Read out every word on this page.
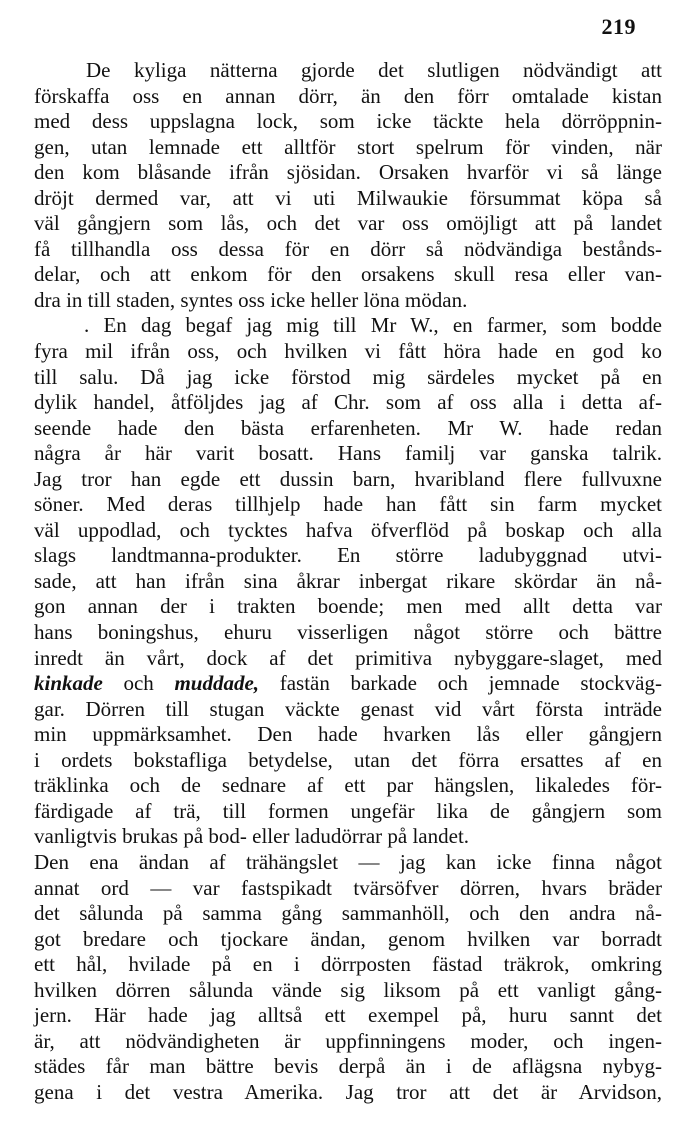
219
De kyliga nätterna gjorde det slutligen nödvändigt att
förskaffa oss en annan dörr, än den förr omtalade kistan
med dess uppslagna lock, som icke täckte hela dörröppnin-
gen, utan lemnade ett alltför stort spelrum för vinden, när
den kom blåsande ifrån sjösidan. Orsaken hvarför vi så länge
dröjt dermed var, att vi uti Milwaukie försummat köpa så
väl gångjern som lås, och det var oss omöjligt att på landet
få tillhandla oss dessa för en dörr så nödvändiga bestånds-
delar, och att enkom för den orsakens skull resa eller van-
dra in till staden, syntes oss icke heller löna mödan.
. En dag begaf jag mig till Mr W., en farmer, som bodde
fyra mil ifrån oss, och hvilken vi fått höra hade en god ko
till salu. Då jag icke förstod mig särdeles mycket på en
dylik handel, åtföljdes jag af Chr. som af oss alla i detta af-
seende hade den bästa erfarenheten. Mr W. hade redan
några år här varit bosatt. Hans familj var ganska talrik.
Jag tror han egde ett dussin barn, hvaribland flere fullvuxne
söner. Med deras tillhjelp hade han fått sin farm mycket
väl uppodlad, och tycktes hafva öfverflöd på boskap och alla
slags landtmanna-produkter. En större ladubyggnad utvi-
sade, att han ifrån sina åkrar inbergat rikare skördar än nå-
gon annan der i trakten boende; men med allt detta var
hans boningshus, ehuru visserligen något större och bättre
inredt än vårt, dock af det primitiva nybyggare-slaget, med
kinkade och muddade, fastän barkade och jemnade stockväg-
gar. Dörren till stugan väckte genast vid vårt första inträde
min uppmärksamhet. Den hade hvarken lås eller gångjern
i ordets bokstafliga betydelse, utan det förra ersattes af en
träklinka och de sednare af ett par hängslen, likaledes för-
färdigade af trä, till formen ungefär lika de gångjern som
vanligtvis brukas på bod- eller ladudörrar på landet.
Den ena ändan af trähängslet — jag kan icke finna något
annat ord — var fastspikadt tvärsöfver dörren, hvars bräder
det sålunda på samma gång sammanhöll, och den andra nå-
got bredare och tjockare ändan, genom hvilken var borradt
ett hål, hvilade på en i dörrposten fästad träkrok, omkring
hvilken dörren sålunda vände sig liksom på ett vanligt gång-
jern. Här hade jag alltså ett exempel på, huru sannt det
är, att nödvändigheten är uppfinningens moder, och ingen-
städes får man bättre bevis derpå än i de aflägsna nybyg-
gena i det vestra Amerika. Jag tror att det är Arvidson,
